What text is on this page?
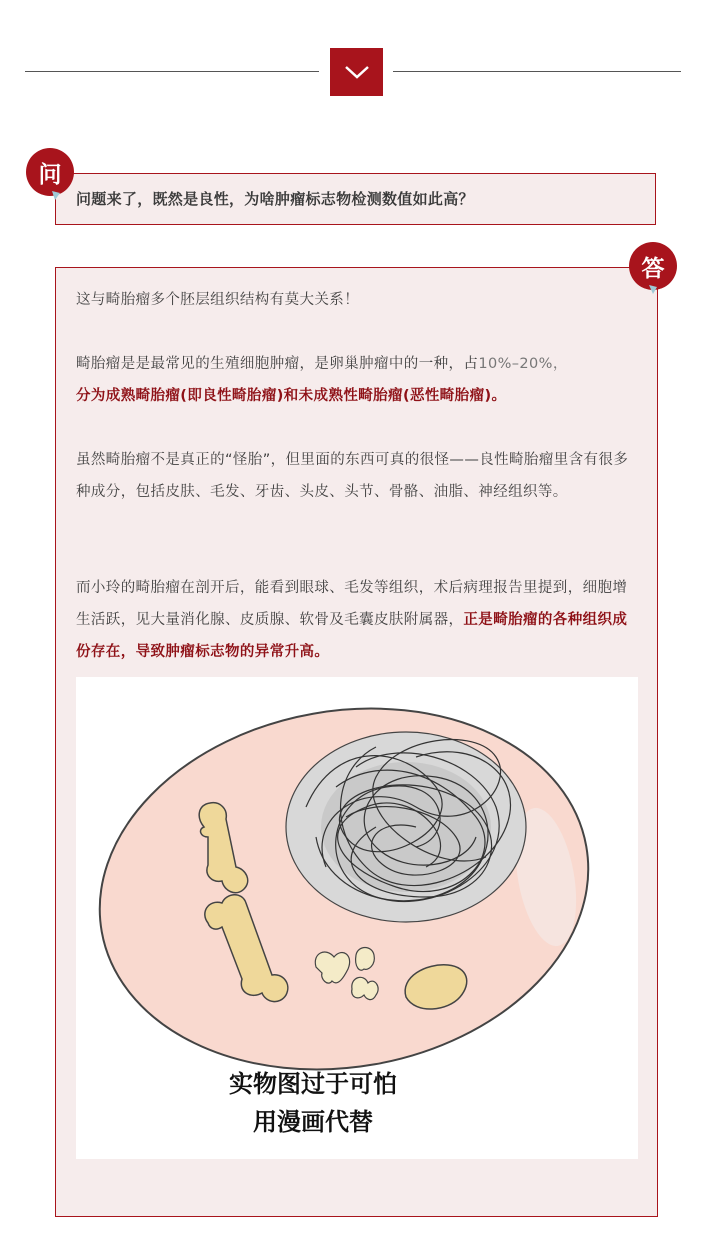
问题来了，既然是良性，为啥肿瘤标志物检测数值如此高？
问
这与畸胎瘤多个胚层组织结构有莫大关系！
畸胎瘤是是最常见的生殖细胞肿瘤，是卵巢肿瘤中的一种，占10%–20%，
分为成熟畸胎瘤(即良性畸胎瘤)和未成熟性畸胎瘤(恶性畸胎瘤)。
虽然畸胎瘤不是真正的“怪胎”，但里面的东西可真的很怪——良性畸胎瘤里含有很多种成分，包括皮肤、毛发、牙齿、头皮、头节、骨骼、油脂、神经组织等。
而小玲的畸胎瘤在剖开后，能看到眼球、毛发等组织，术后病理报告里提到，细胞增生活跃，见大量消化腺、皮质腺、软骨及毛囊皮肤附属器，正是畸胎瘤的各种组织成份存在，导致肿瘤标志物的异常升高。
实物图过于可怕
用漫画代替
答
